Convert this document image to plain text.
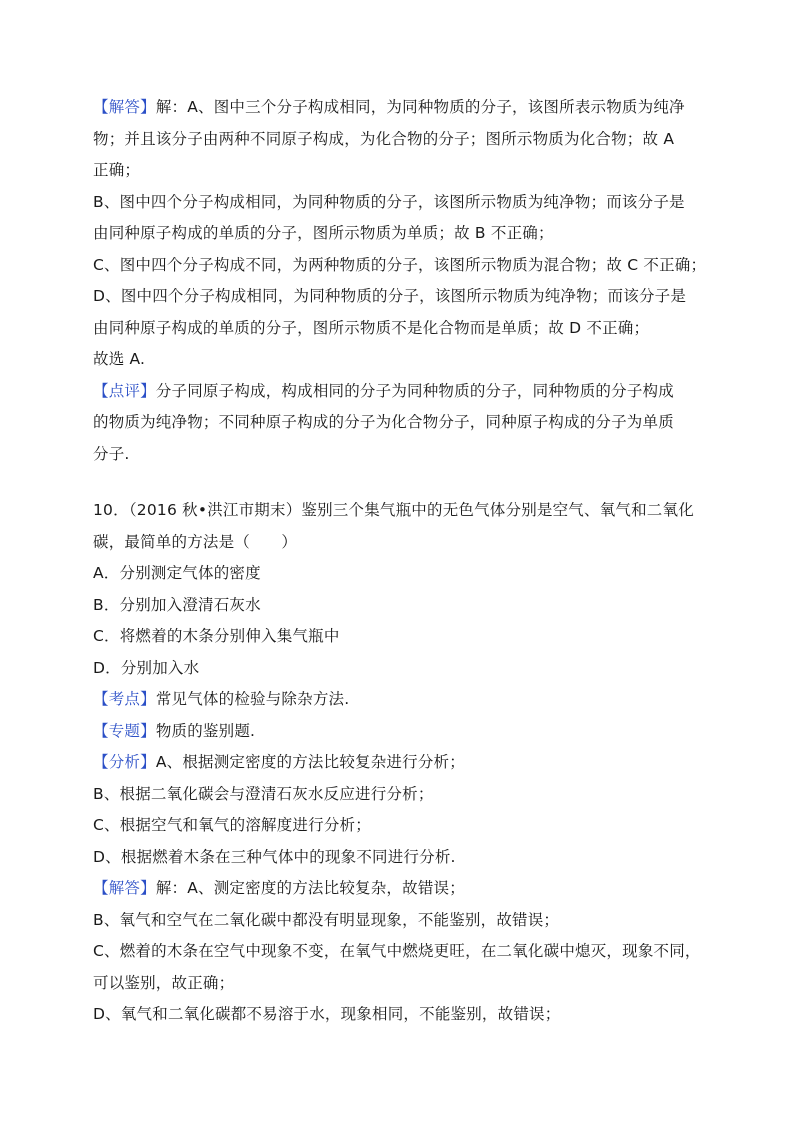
【解答】解：A、图中三个分子构成相同，为同种物质的分子，该图所表示物质为纯净
物；并且该分子由两种不同原子构成，为化合物的分子；图所示物质为化合物；故 A
正确；
B、图中四个分子构成相同，为同种物质的分子，该图所示物质为纯净物；而该分子是
由同种原子构成的单质的分子，图所示物质为单质；故 B 不正确；
C、图中四个分子构成不同，为两种物质的分子，该图所示物质为混合物；故 C 不正确；
D、图中四个分子构成相同，为同种物质的分子，该图所示物质为纯净物；而该分子是
由同种原子构成的单质的分子，图所示物质不是化合物而是单质；故 D 不正确；
故选 A.
【点评】分子同原子构成，构成相同的分子为同种物质的分子，同种物质的分子构成
的物质为纯净物；不同种原子构成的分子为化合物分子，同种原子构成的分子为单质
分子.
10．（2016 秋•洪江市期末）鉴别三个集气瓶中的无色气体分别是空气、氧气和二氧化
碳，最简单的方法是（　　）
A．分别测定气体的密度
B．分别加入澄清石灰水
C．将燃着的木条分别伸入集气瓶中
D．分别加入水
【考点】常见气体的检验与除杂方法.
【专题】物质的鉴别题.
【分析】A、根据测定密度的方法比较复杂进行分析；
B、根据二氧化碳会与澄清石灰水反应进行分析；
C、根据空气和氧气的溶解度进行分析；
D、根据燃着木条在三种气体中的现象不同进行分析.
【解答】解：A、测定密度的方法比较复杂，故错误；
B、氧气和空气在二氧化碳中都没有明显现象，不能鉴别，故错误；
C、燃着的木条在空气中现象不变，在氧气中燃烧更旺，在二氧化碳中熄灭，现象不同，
可以鉴别，故正确；
D、氧气和二氧化碳都不易溶于水，现象相同，不能鉴别，故错误；
